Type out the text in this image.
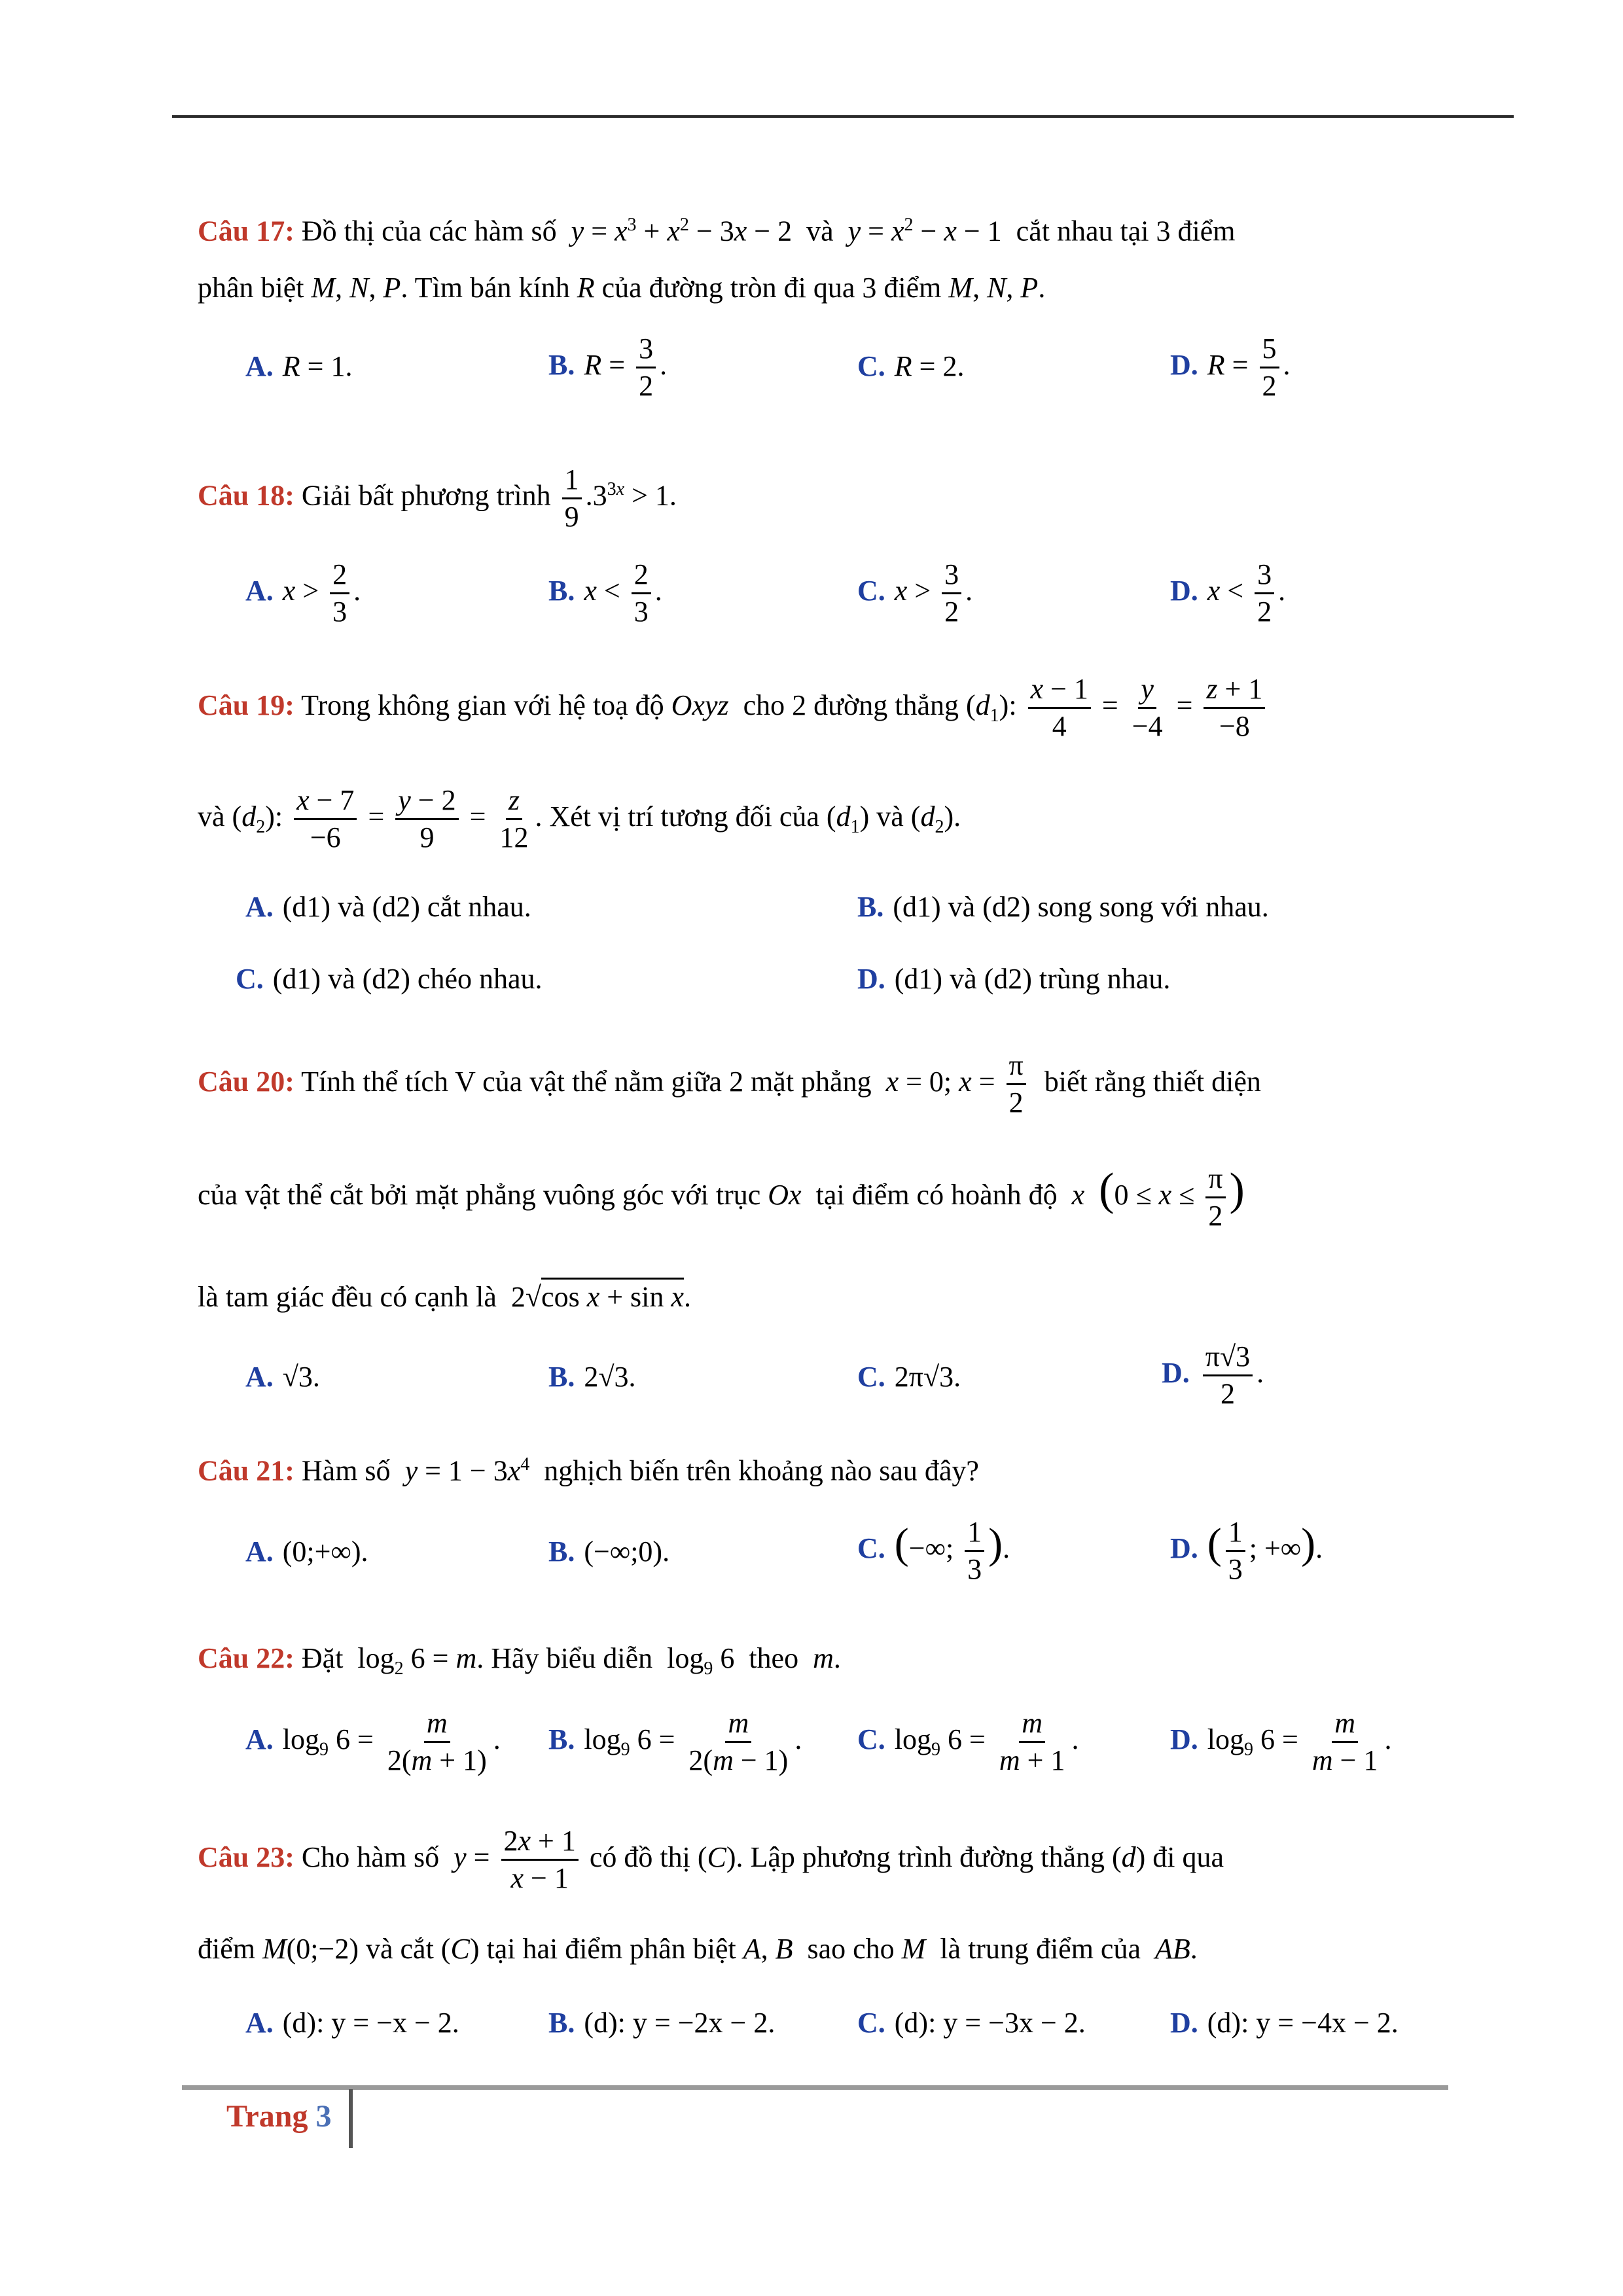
Câu 17: Đồ thị của các hàm số  $y = x^3 + x^2 - 3x - 2$  và  $y = x^2 - x - 1$  cắt nhau tại 3 điểm
phân biệt M, N, P. Tìm bán kính R của đường tròn đi qua 3 điểm M, N, P.
A. R = 1.	B. $R = \frac{3}{2}$ .	C. R = 2.	D. $R = \frac{5}{2}$ .
Câu 18: Giải bất phương trình $\frac{1}{9} .3^{3x} > 1$.
A. $x > \frac{2}{3}$ .	B. $x < \frac{2}{3}$ .	C. $x > \frac{3}{2}$ .	D. $x < \frac{3}{2}$ .
Câu 19: Trong không gian với hệ toạ độ Oxyz  cho 2 đường thẳng $(d_1)$: $\frac{x - 1}{4} = \frac{y}{-4} = \frac{z + 1}{-8}$
và $(d_2)$: $\frac{x - 7}{-6} = \frac{y - 2}{9} = \frac{z}{12}$ . Xét vị trí tương đối của $(d_1)$ và $(d_2)$.
A. (d1) và (d2) cắt nhau.	B. (d1) và (d2) song song với nhau.
C. (d1) và (d2) chéo nhau.	D. (d1) và (d2) trùng nhau.
Câu 20: Tính thể tích V của vật thể nằm giữa 2 mặt phẳng  x = 0; $x = \frac{\pi}{2}$ biết rằng thiết diện
của vật thể cắt bởi mặt phẳng vuông góc với trục Ox  tại điểm có hoành độ  x ($0 \le x \le \frac{\pi}{2}$ )
là tam giác đều có cạnh là  2√cos x + sin x.
A. √3.	B. 2√3.	C. 2π√3.	D. $\frac{\pi√3}{2}$ .
Câu 21: Hàm số  $y = 1 - 3x^4$  nghịch biến trên khoảng nào sau đây?
A. (0;+∞).	B. (−∞;0).	C. (−∞; $\frac{1}{3}$ ).	D. ( $\frac{1}{3}$ ; +∞).
Câu 22: Đặt  $\log_2 6 = m$. Hãy biểu diễn  $\log_9 6$  theo  m.
A. $\log_9 6 = \frac{m}{2(m + 1)}$ . B. $\log_9 6 = \frac{m}{2(m - 1)}$ . C. $\log_9 6 = \frac{m}{m + 1}$ .	D. $\log_9 6 = \frac{m}{m - 1}$ .
Câu 23: Cho hàm số  $y = \frac{2x + 1}{x - 1}$ có đồ thị (C). Lập phương trình đường thẳng (d) đi qua
điểm M(0;−2) và cắt (C) tại hai điểm phân biệt A, B  sao cho M  là trung điểm của  AB.
A. (d): y = −x − 2.	B. (d): y = −2x − 2.	C. (d): y = −3x − 2.	D. (d): y = −4x − 2.
Trang 3
